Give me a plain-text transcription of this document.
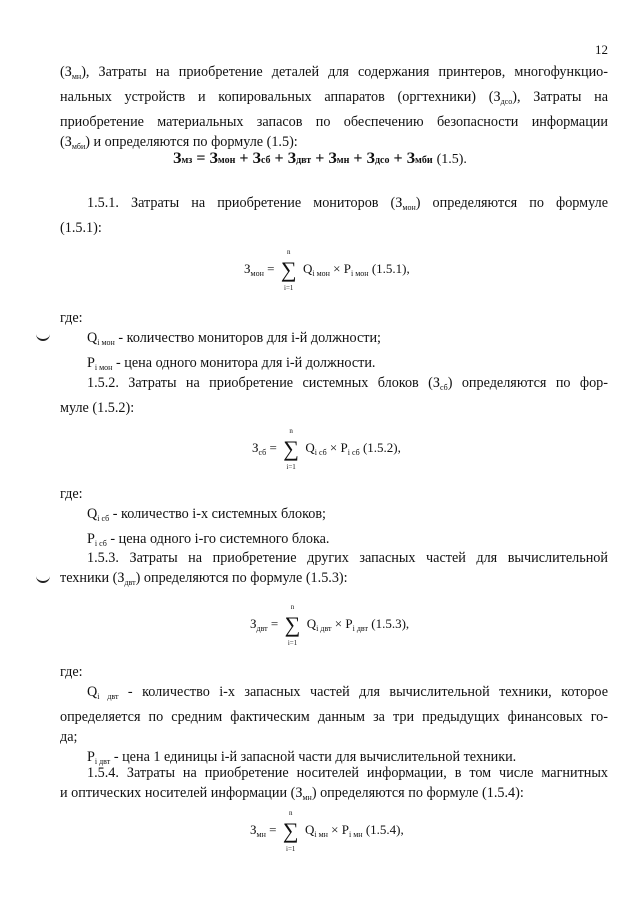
12
$(З_{мн})$, Затраты на приобретение деталей для содержания принтеров, многофункцио-
нальных устройств и копировальных аппаратов (оргтехники) $(З_{дсо})$, Затраты на
приобретение материальных запасов по обеспечению безопасности информации
$(З_{мби})$ и определяются по формуле (1.5):
Змз = Змон + Зсб + Здвт + Змн + Здсо + Змби (1.5).
1.5.1. Затраты на приобретение мониторов $(З_{мон})$ определяются по формуле
(1.5.1):
$З_{мон}$ =
n
∑
i=1
$Q_{i мон} \times P_{i мон}$ (1.5.1),
где:
$Q_{i мон}$ - количество мониторов для i-й должности;
$P_{i мон}$ - цена одного монитора для i-й должности.
1.5.2. Затраты на приобретение системных блоков $(З_{сб})$ определяются по фор-
муле (1.5.2):
$З_{сб}$ =
n
∑
i=1
$Q_{i сб} \times P_{i сб}$ (1.5.2),
где:
$Q_{i сб}$ - количество i-х системных блоков;
$P_{i сб}$ - цена одного i-го системного блока.
1.5.3. Затраты на приобретение других запасных частей для вычислительной
техники $(З_{двт})$ определяются по формуле (1.5.3):
$З_{двт}$ =
n
∑
i=1
$Q_{i двт} \times P_{i двт}$ (1.5.3),
где:
$Q_{i двт}$ - количество i-х запасных частей для вычислительной техники, которое
определяется по средним фактическим данным за три предыдущих финансовых го-
да;
$P_{i двт}$ - цена 1 единицы i-й запасной части для вычислительной техники.
1.5.4. Затраты на приобретение носителей информации, в том числе магнитных
и оптических носителей информации $(З_{мн})$ определяются по формуле (1.5.4):
$З_{мн}$ =
n
∑
i=1
$Q_{i мн} \times P_{i мн}$ (1.5.4),
